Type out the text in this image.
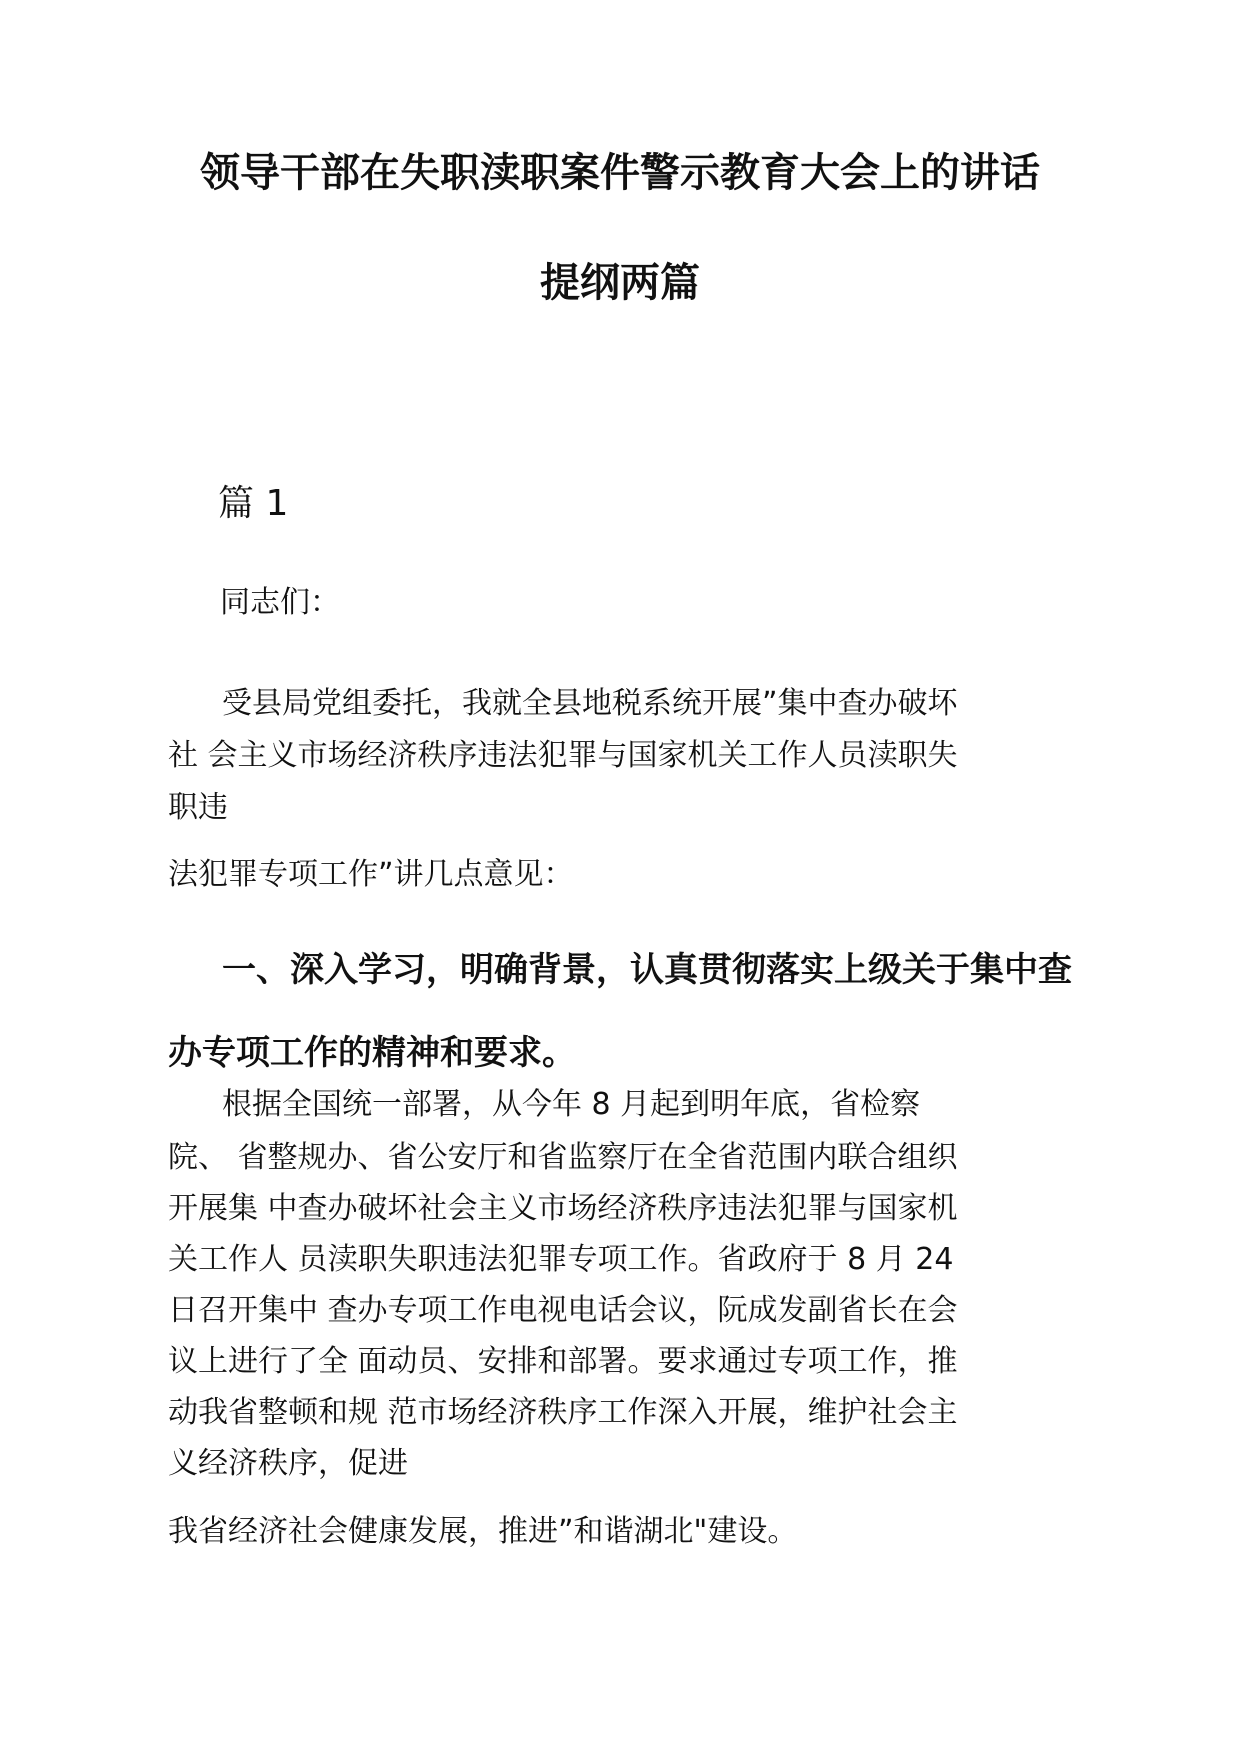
领导干部在失职渎职案件警示教育大会上的讲话

提纲两篇

篇 1

同志们：

受县局党组委托，我就全县地税系统开展”集中查办破坏

社 会主义市场经济秩序违法犯罪与国家机关工作人员渎职失

职违

法犯罪专项工作”讲几点意见：

一、深入学习，明确背景，认真贯彻落实上级关于集中查

办专项工作的精神和要求。

根据全国统一部署，从今年 8 月起到明年底，省检察

院、 省整规办、省公安厅和省监察厅在全省范围内联合组织

开展集 中查办破坏社会主义市场经济秩序违法犯罪与国家机

关工作人 员渎职失职违法犯罪专项工作。省政府于 8 月 24

日召开集中 查办专项工作电视电话会议，阮成发副省长在会

议上进行了全 面动员、安排和部署。要求通过专项工作，推

动我省整顿和规 范市场经济秩序工作深入开展，维护社会主

义经济秩序，促进

我省经济社会健康发展，推进”和谐湖北"建设。
